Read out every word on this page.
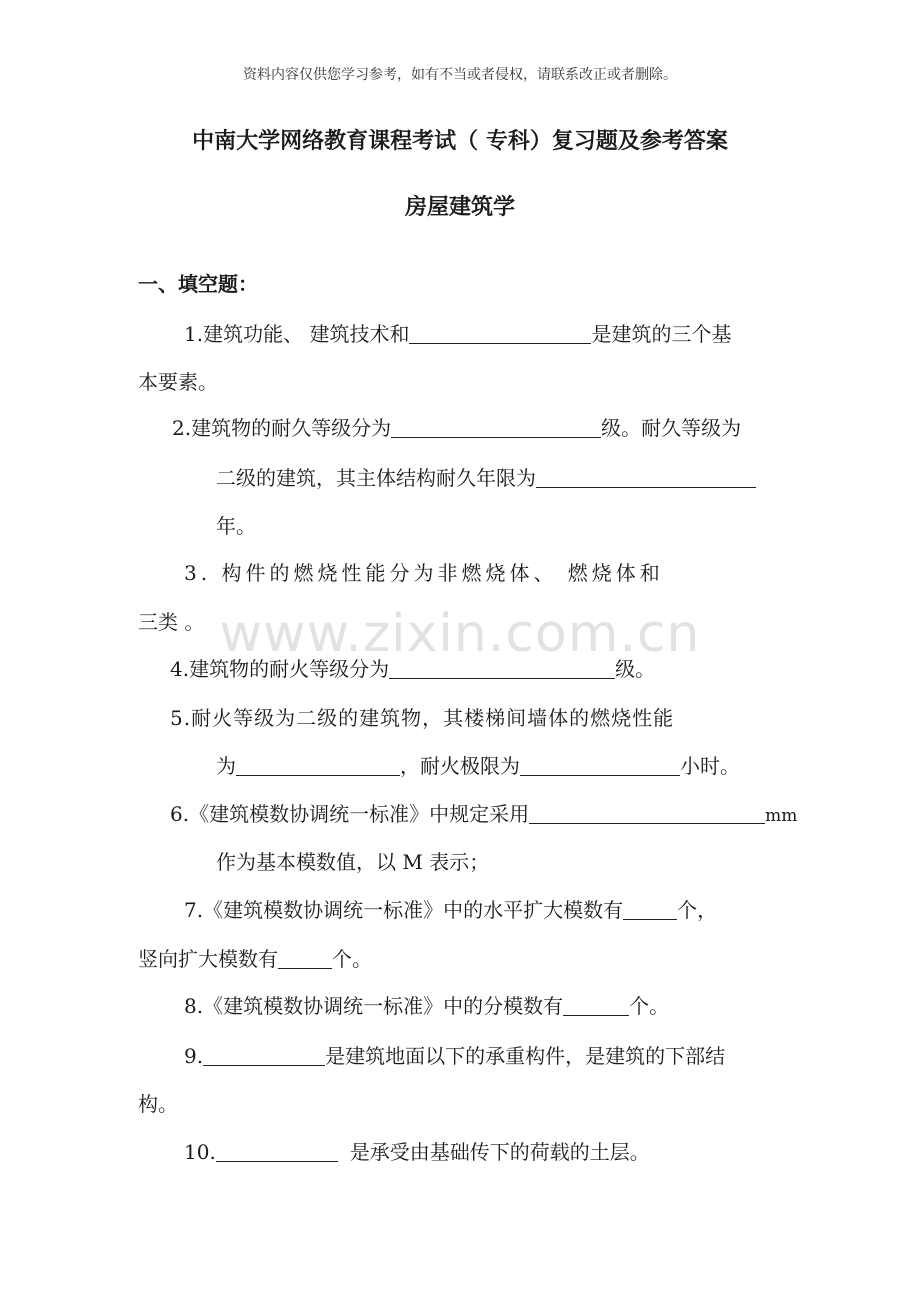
资料内容仅供您学习参考，如有不当或者侵权，请联系改正或者删除。
中南大学网络教育课程考试（ 专科）复习题及参考答案
房屋建筑学
一、填空题：
www.zixin.com.cn
1.建筑功能、 建筑技术和	是建筑的三个基
本要素。
2.建筑物的耐久等级分为	级。耐久等级为
二级的建筑，其主体结构耐久年限为
年。
3. 构件的燃烧性能分为非燃烧体、 燃烧体和
三类 。
4.建筑物的耐火等级分为	级。
5.耐火等级为二级的建筑物，其楼梯间墙体的燃烧性能
为	，耐火极限为	小时。
6.《建筑模数协调统一标准》中规定采用	mm
作为基本模数值，以 M 表示；
7.《建筑模数协调统一标准》中的水平扩大模数有	个，
竖向扩大模数有	个。
8.《建筑模数协调统一标准》中的分模数有	个。
9.	是建筑地面以下的承重构件，是建筑的下部结
构。
10.	是承受由基础传下的荷载的土层。
